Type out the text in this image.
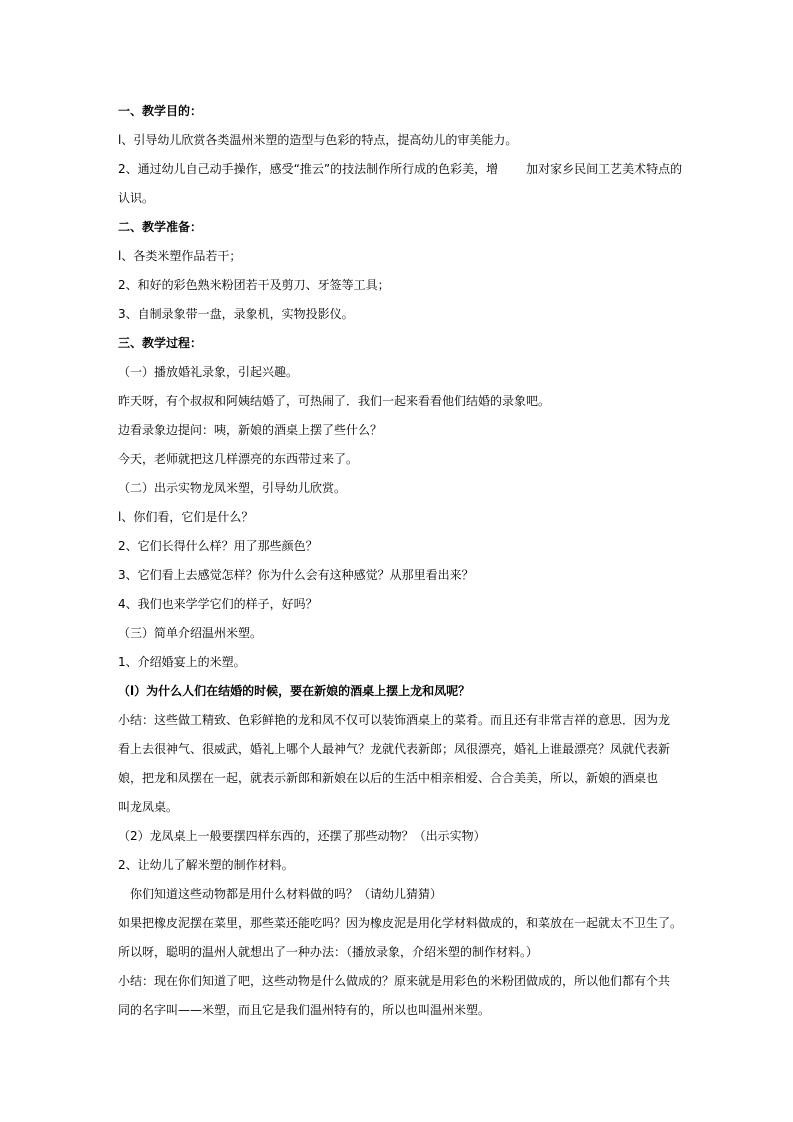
一、教学目的：
l、引导幼儿欣赏各类温州米塑的造型与色彩的特点，提高幼儿的审美能力。
2、通过幼儿自己动手操作，感受“推云”的技法制作所行成的色彩美，增 加对家乡民间工艺美术特点的
认识。
二、教学准备：
l、各类米塑作品若干；
2、和好的彩色熟米粉团若干及剪刀、牙签等工具；
3、自制录象带一盘，录象机，实物投影仪。
三、教学过程：
（一）播放婚礼录象，引起兴趣。
昨天呀，有个叔叔和阿姨结婚了，可热闹了．我们一起来看看他们结婚的录象吧。
边看录象边提问：咦，新娘的酒桌上摆了些什么？
今天，老师就把这几样漂亮的东西带过来了。
（二）出示实物龙凤米塑，引导幼儿欣赏。
l、你们看，它们是什么？
2、它们长得什么样？用了那些颜色？
3、它们看上去感觉怎样？你为什么会有这种感觉？从那里看出来？
4、我们也来学学它们的样子，好吗？
（三）简单介绍温州米塑。
1、介绍婚宴上的米塑。
（l）为什么人们在结婚的时候，要在新娘的酒桌上摆上龙和凤呢？
小结：这些做工精致、色彩鲜艳的龙和凤不仅可以装饰酒桌上的菜肴。而且还有非常吉祥的意思．因为龙
看上去很神气、很威武，婚礼上哪个人最神气？龙就代表新郎；凤很漂亮，婚礼上谁最漂亮？凤就代表新
娘，把龙和凤摆在一起，就表示新郎和新娘在以后的生活中相亲相爱、合合美美，所以，新娘的酒桌也
叫龙凤桌。
（2）龙凤桌上一般要摆四样东西的，还摆了那些动物？（出示实物）
2、让幼儿了解米塑的制作材料。
你们知道这些动物都是用什么材料做的吗？（请幼儿猜猜）
如果把橡皮泥摆在菜里，那些菜还能吃吗？因为橡皮泥是用化学材料做成的，和菜放在一起就太不卫生了。
所以呀，聪明的温州人就想出了一种办法：（播放录象，介绍米塑的制作材料。）
小结：现在你们知道了吧，这些动物是什么做成的？原来就是用彩色的米粉团做成的，所以他们都有个共
同的名字叫——米塑，而且它是我们温州特有的，所以也叫温州米塑。
